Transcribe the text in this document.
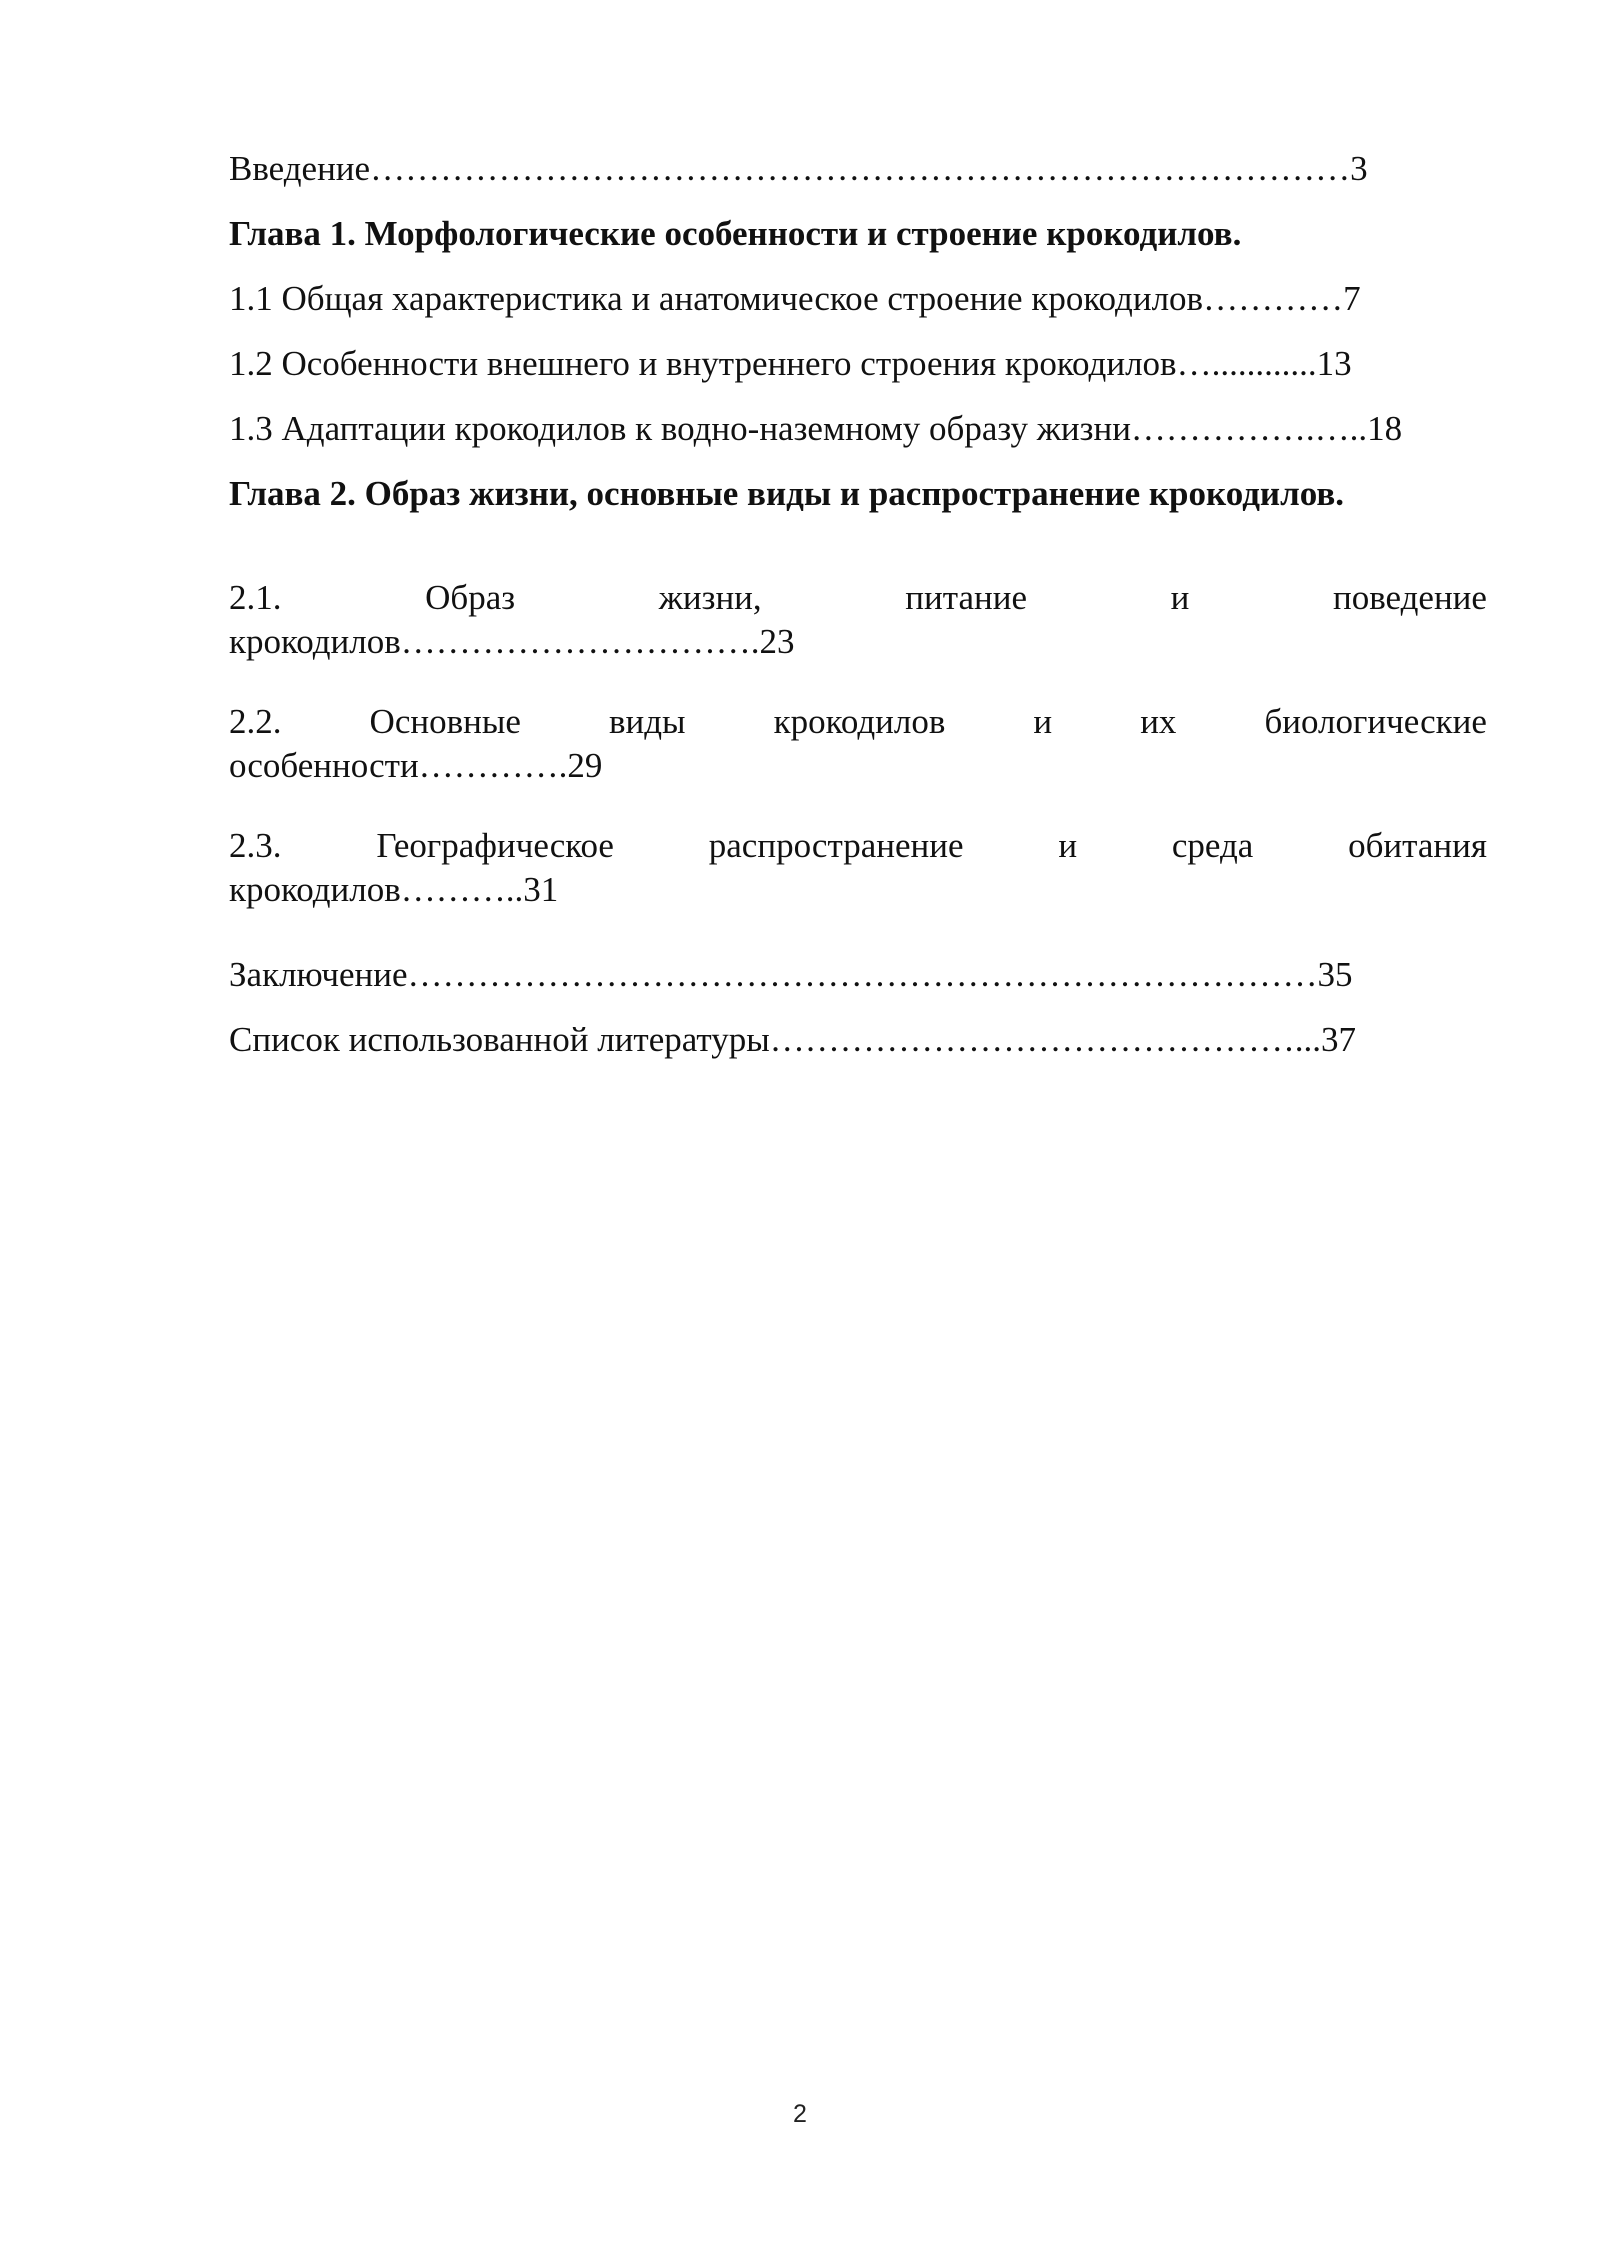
Введение…………………………………………………………………………3
Глава 1. Морфологические особенности и строение крокодилов.
1.1 Общая характеристика и анатомическое строение крокодилов…………7
1.2 Особенности внешнего и внутреннего строения крокодилов…............13
1.3 Адаптации крокодилов к водно-наземному образу жизни…………….…..18
Глава 2. Образ жизни, основные виды и распространение крокодилов.
2.1.	Образ	жизни,	питание	и	поведение
крокодилов………………………….23
2.2.	Основные	виды	крокодилов	и	их	биологические
особенности………….29
2.3.	Географическое	распространение	и	среда	обитания
крокодилов………..31
Заключение……………………………………………………………………35
Список использованной литературы………………………………………...37
2
